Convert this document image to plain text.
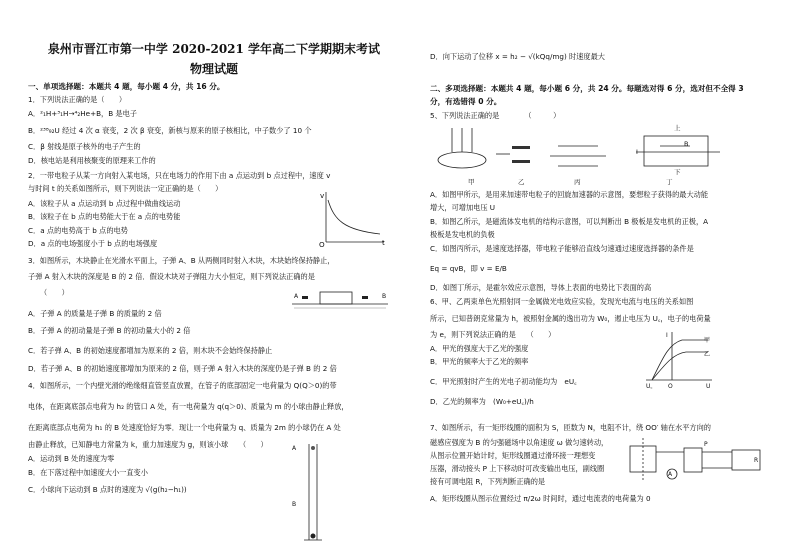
泉州市晋江市第一中学 2020-2021 学年高二下学期期末考试
物理试题
一、单项选择题：本题共 4 题，每小题 4 分，共 16 分。
1．下列说法正确的是（　　）
A．²₁H+³₁H→⁴₂He+B，B 是电子
B．²³⁸₉₂U 经过 4 次 α 衰变，2 次 β 衰变，新核与原来的原子核相比，中子数少了 10 个
C．β 射线是原子核外的电子产生的
D．核电站是利用核聚变的原理来工作的
2．一带电粒子从某一方向射入某电场，只在电场力的作用下由 a 点运动到 b 点过程中，速度 v
与时间 t 的关系如图所示，则下列说法一定正确的是（　　）
A．该粒子从 a 点运动到 b 点过程中做曲线运动
B．该粒子在 b 点的电势能大于在 a 点的电势能
C．a 点的电势高于 b 点的电势
D．a 点的电场强度小于 b 点的电场强度
v
O	t
3．如图所示，木块静止在光滑水平面上，子弹 A、B 从两侧同时射入木块，木块始终保持静止，
子弹 A 射入木块的深度是 B 的 2 倍．假设木块对子弹阻力大小恒定，则下列说法正确的是
（　　）
A．子弹 A 的质量是子弹 B 的质量的 2 倍
B．子弹 A 的初动量是子弹 B 的初动量大小的 2 倍
C．若子弹 A、B 的初始速度都增加为原来的 2 倍，则木块不会始终保持静止
D．若子弹 A、B 的初始速度都增加为原来的 2 倍，则子弹 A 射入木块的深度仍是子弹 B 的 2 倍
A	B
4．如图所示，一个内壁光滑的绝缘细直管竖直放置，在管子的底部固定一电荷量为 Q(Q＞0)的带
电体，在距离底部点电荷为 h₂ 的管口 A 处，有一电荷量为 q(q＞0)、质量为 m 的小球由静止释放，
在距离底部点电荷为 h₁ 的 B 处速度恰好为零．现让一个电荷量为 q、质量为 2m 的小球仍在 A 处
由静止释放，已知静电力常量为 k，重力加速度为 g，则该小球　　（　　）
A．运动到 B 处的速度为零
B．在下落过程中加速度大小一直变小
C．小球向下运动到 B 点时的速度为 √(g(h₂−h₁))
A
B
D．向下运动了位移 x = h₂ − √(kQq/mg) 时速度最大
二、多项选择题：本题共 4 题，每小题 6 分，共 24 分。每题选对得 6 分，选对但不全得 3
分，有选错得 0 分。
5、下列说法正确的是　　　　（　　　）
甲	乙	丙	丁
上
下
I
B
A．如图甲所示，是用来加速带电粒子的回旋加速器的示意图，要想粒子获得的最大动能
增大，可增加电压 U
B．如图乙所示，是磁流体发电机的结构示意图，可以判断出 B 极板是发电机的正极，A
极板是发电机的负极
C．如图丙所示，是速度选择器，带电粒子能够沿直线匀速通过速度选择器的条件是
Eq = qvB，即 v = E/B
D．如图丁所示，是霍尔效应示意图，导体上表面的电势比下表面的高
6、甲、乙两束单色光照射同一金属做光电效应实验，发现光电流与电压的关系如图
所示，已知普朗克常量为 h，被照射金属的逸出功为 W₀，遏止电压为 U꜀，电子的电荷量
为 e，则下列说法正确的是　　（　　）
A．甲光的强度大于乙光的强度
B．甲光的频率大于乙光的频率
C．甲光照射时产生的光电子初动能均为　eU꜀
D．乙光的频率为　(W₀+eU꜀)/h
I
甲
乙
O	U
U꜀
7、如图所示，有一矩形线圈的面积为 S，匝数为 N，电阻不计，绕 OO′ 轴在水平方向的
磁感应强度为 B 的匀强磁场中以角速度 ω 做匀速转动，
从图示位置开始计时，矩形线圈通过滑环接一理想变
压器，滑动接头 P 上下移动时可改变输出电压，副线圈
接有可调电阻 R，下列判断正确的是
A．矩形线圈从图示位置经过 π/2ω 时间时，通过电流表的电荷量为 0
A
P
R
